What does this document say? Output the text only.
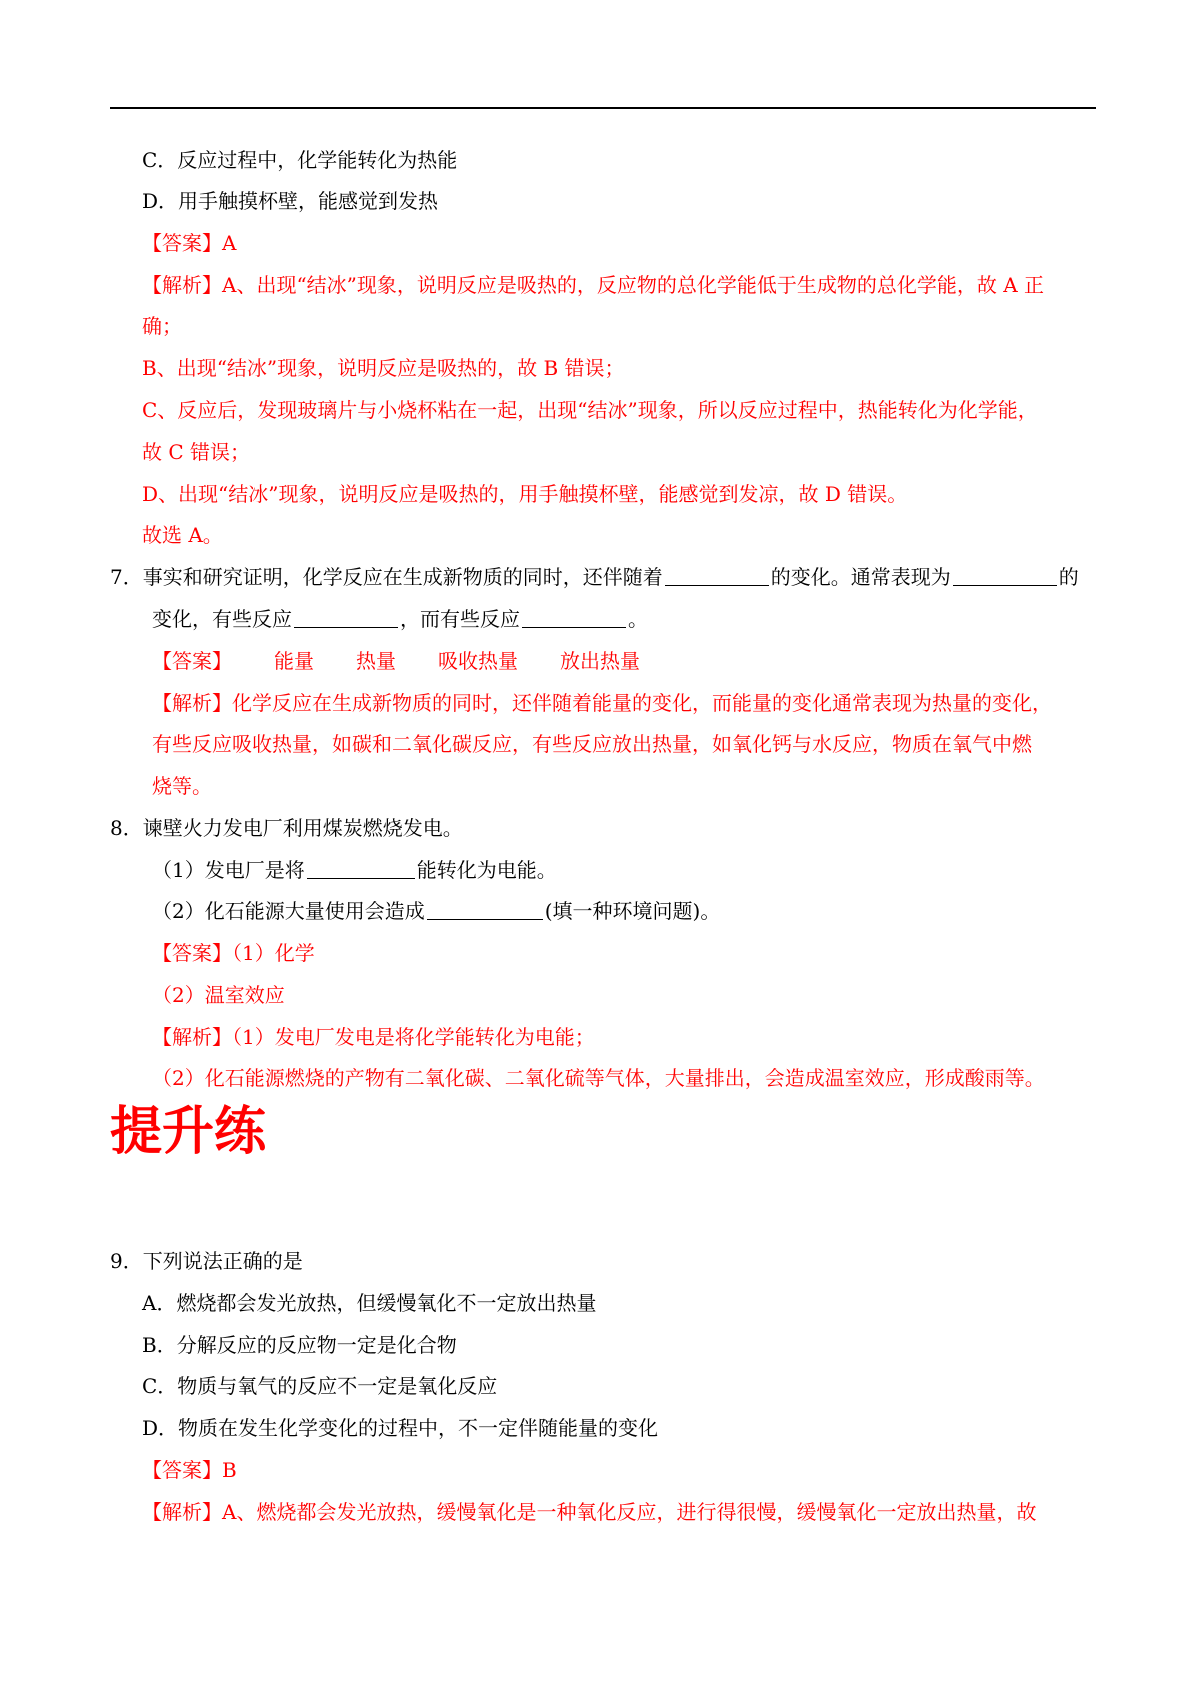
C．反应过程中，化学能转化为热能
D．用手触摸杯壁，能感觉到发热
【答案】A
【解析】A、出现“结冰”现象，说明反应是吸热的，反应物的总化学能低于生成物的总化学能，故 A 正
确；
B、出现“结冰”现象，说明反应是吸热的，故 B 错误；
C、反应后，发现玻璃片与小烧杯粘在一起，出现“结冰”现象，所以反应过程中，热能转化为化学能，
故 C 错误；
D、出现“结冰”现象，说明反应是吸热的，用手触摸杯壁，能感觉到发凉，故 D 错误。
故选 A。
7．事实和研究证明，化学反应在生成新物质的同时，还伴随着	的变化。通常表现为	的
变化，有些反应	，而有些反应	。
【答案】 能量 热量 吸收热量 放出热量
【解析】化学反应在生成新物质的同时，还伴随着能量的变化，而能量的变化通常表现为热量的变化，
有些反应吸收热量，如碳和二氧化碳反应，有些反应放出热量，如氧化钙与水反应，物质在氧气中燃
烧等。
8．谏壁火力发电厂利用煤炭燃烧发电。
（1）发电厂是将	能转化为电能。
（2）化石能源大量使用会造成	(填一种环境问题)。
【答案】（1）化学
（2）温室效应
【解析】（1）发电厂发电是将化学能转化为电能；
（2）化石能源燃烧的产物有二氧化碳、二氧化硫等气体，大量排出，会造成温室效应，形成酸雨等。
提升练
9．下列说法正确的是
A．燃烧都会发光放热，但缓慢氧化不一定放出热量
B．分解反应的反应物一定是化合物
C．物质与氧气的反应不一定是氧化反应
D．物质在发生化学变化的过程中，不一定伴随能量的变化
【答案】B
【解析】A、燃烧都会发光放热，缓慢氧化是一种氧化反应，进行得很慢，缓慢氧化一定放出热量，故
